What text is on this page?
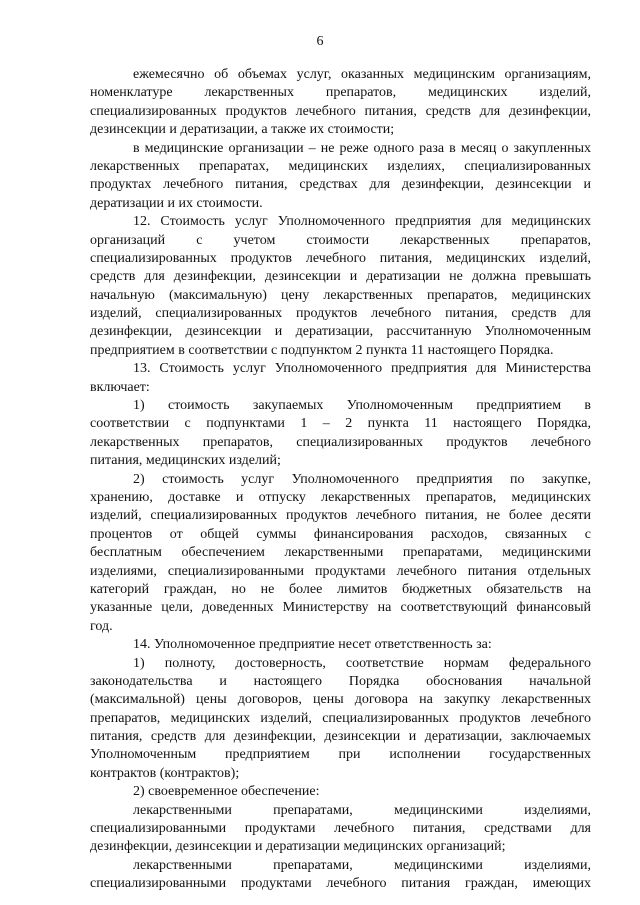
6
ежемесячно об объемах услуг, оказанных медицинским организациям,
номенклатуре лекарственных препаратов, медицинских изделий,
специализированных продуктов лечебного питания, средств для дезинфекции,
дезинсекции и дератизации, а также их стоимости;
в медицинские организации – не реже одного раза в месяц о закупленных
лекарственных препаратах, медицинских изделиях, специализированных
продуктах лечебного питания, средствах для дезинфекции, дезинсекции и
дератизации и их стоимости.
12. Стоимость услуг Уполномоченного предприятия для медицинских
организаций с учетом стоимости лекарственных препаратов,
специализированных продуктов лечебного питания, медицинских изделий,
средств для дезинфекции, дезинсекции и дератизации не должна превышать
начальную (максимальную) цену лекарственных препаратов, медицинских
изделий, специализированных продуктов лечебного питания, средств для
дезинфекции, дезинсекции и дератизации, рассчитанную Уполномоченным
предприятием в соответствии с подпунктом 2 пункта 11 настоящего Порядка.
13. Стоимость услуг Уполномоченного предприятия для Министерства
включает:
1) стоимость закупаемых Уполномоченным предприятием в
соответствии с подпунктами 1 – 2 пункта 11 настоящего Порядка,
лекарственных препаратов, специализированных продуктов лечебного
питания, медицинских изделий;
2) стоимость услуг Уполномоченного предприятия по закупке,
хранению, доставке и отпуску лекарственных препаратов, медицинских
изделий, специализированных продуктов лечебного питания, не более десяти
процентов от общей суммы финансирования расходов, связанных с
бесплатным обеспечением лекарственными препаратами, медицинскими
изделиями, специализированными продуктами лечебного питания отдельных
категорий граждан, но не более лимитов бюджетных обязательств на
указанные цели, доведенных Министерству на соответствующий финансовый
год.
14. Уполномоченное предприятие несет ответственность за:
1) полноту, достоверность, соответствие нормам федерального
законодательства и настоящего Порядка обоснования начальной
(максимальной) цены договоров, цены договора на закупку лекарственных
препаратов, медицинских изделий, специализированных продуктов лечебного
питания, средств для дезинфекции, дезинсекции и дератизации, заключаемых
Уполномоченным предприятием при исполнении государственных
контрактов (контрактов);
2) своевременное обеспечение:
лекарственными препаратами, медицинскими изделиями,
специализированными продуктами лечебного питания, средствами для
дезинфекции, дезинсекции и дератизации медицинских организаций;
лекарственными препаратами, медицинскими изделиями,
специализированными продуктами лечебного питания граждан, имеющих
